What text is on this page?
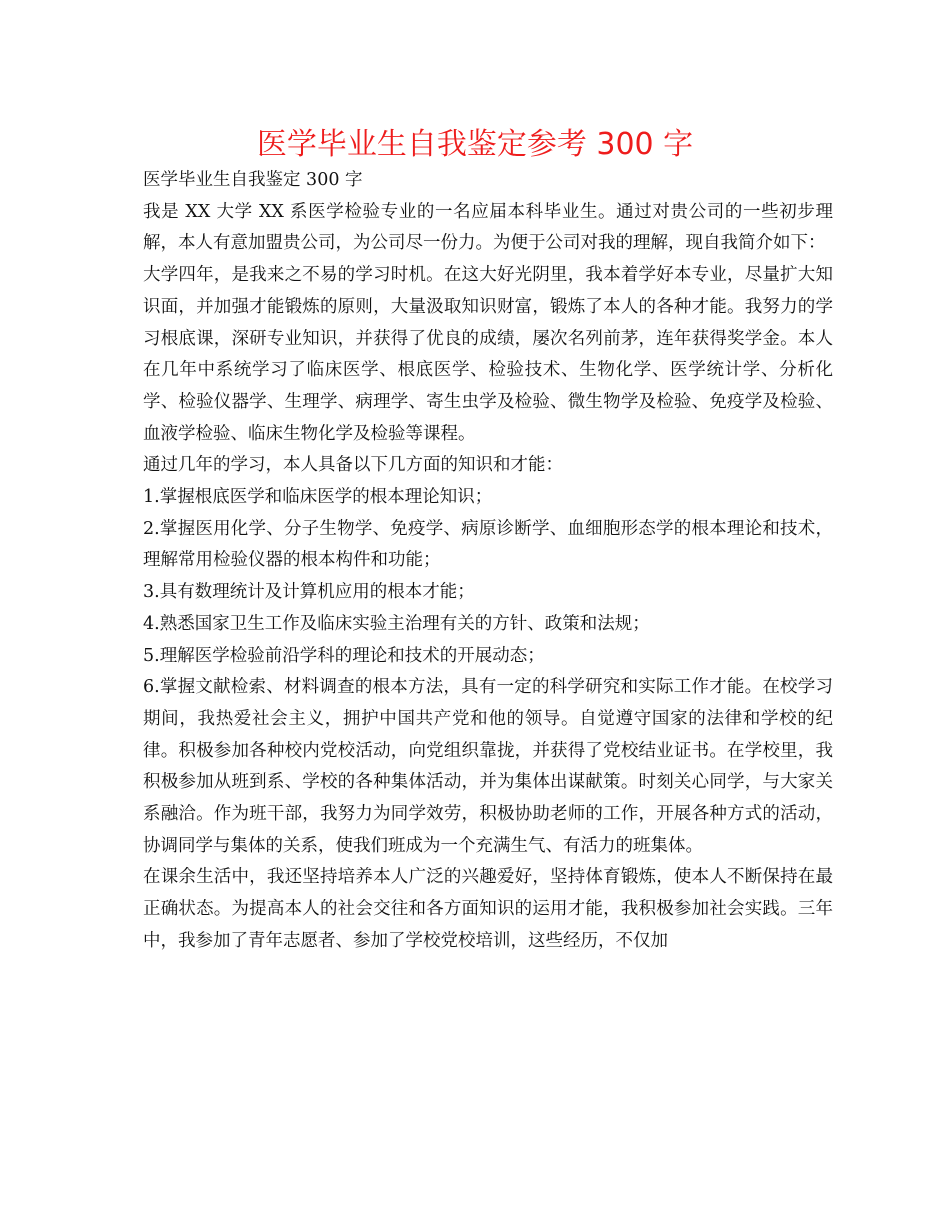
医学毕业生自我鉴定参考 300 字

医学毕业生自我鉴定 300 字

我是 XX 大学 XX 系医学检验专业的一名应届本科毕业生。通过对贵公司的一些初步理解，本人有意加盟贵公司，为公司尽一份力。为便于公司对我的理解，现自我简介如下：

大学四年，是我来之不易的学习时机。在这大好光阴里，我本着学好本专业，尽量扩大知识面，并加强才能锻炼的原则，大量汲取知识财富，锻炼了本人的各种才能。我努力的学习根底课，深研专业知识，并获得了优良的成绩，屡次名列前茅，连年获得奖学金。本人在几年中系统学习了临床医学、根底医学、检验技术、生物化学、医学统计学、分析化学、检验仪器学、生理学、病理学、寄生虫学及检验、微生物学及检验、免疫学及检验、血液学检验、临床生物化学及检验等课程。

通过几年的学习，本人具备以下几方面的知识和才能：

1.掌握根底医学和临床医学的根本理论知识；

2.掌握医用化学、分子生物学、免疫学、病原诊断学、血细胞形态学的根本理论和技术，理解常用检验仪器的根本构件和功能；

3.具有数理统计及计算机应用的根本才能；

4.熟悉国家卫生工作及临床实验主治理有关的方针、政策和法规；

5.理解医学检验前沿学科的理论和技术的开展动态；

6.掌握文献检索、材料调查的根本方法，具有一定的科学研究和实际工作才能。在校学习期间，我热爱社会主义，拥护中国共产党和他的领导。自觉遵守国家的法律和学校的纪律。积极参加各种校内党校活动，向党组织靠拢，并获得了党校结业证书。在学校里，我积极参加从班到系、学校的各种集体活动，并为集体出谋献策。时刻关心同学，与大家关系融洽。作为班干部，我努力为同学效劳，积极协助老师的工作，开展各种方式的活动，协调同学与集体的关系，使我们班成为一个充满生气、有活力的班集体。

在课余生活中，我还坚持培养本人广泛的兴趣爱好，坚持体育锻炼，使本人不断保持在最正确状态。为提高本人的社会交往和各方面知识的运用才能，我积极参加社会实践。三年中，我参加了青年志愿者、参加了学校党校培训，这些经历，不仅加
